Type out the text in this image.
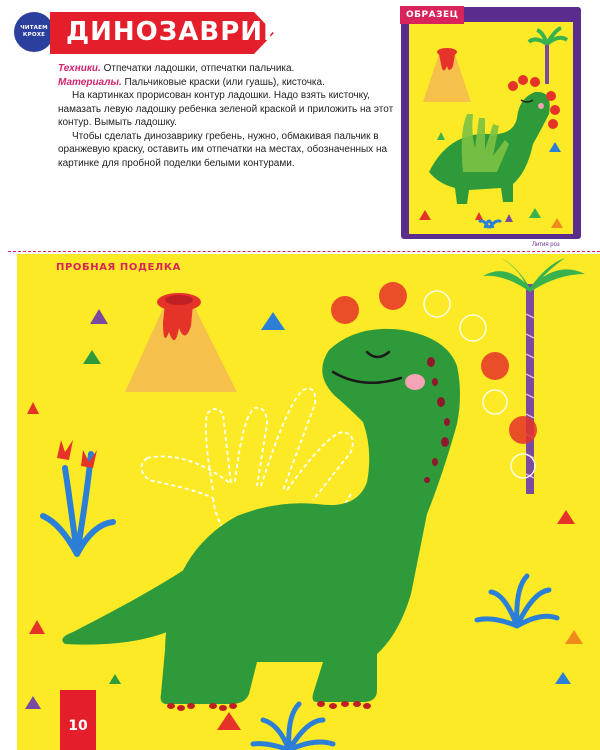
ЧИТАЕМ
КРОХЕ ДИНОЗАВРИК
Техники. Отпечатки ладошки, отпечатки пальчика.
Материалы. Пальчиковые краски (или гуашь), кисточка.

На картинках прорисован контур ладошки. Надо взять кисточку, намазать левую ладошку ребенка зеленой краской и приложить на этот контур. Вымыть ладошку.

Чтобы сделать динозаврику гребень, нужно, обмакивая пальчик в оранжевую краску, оставить им отпечатки на местах, обозначенных на картинке для пробной поделки белыми контурами.

ОБРАЗЕЦ
Лития роз
ПРОБНАЯ ПОДЕЛКА
10
